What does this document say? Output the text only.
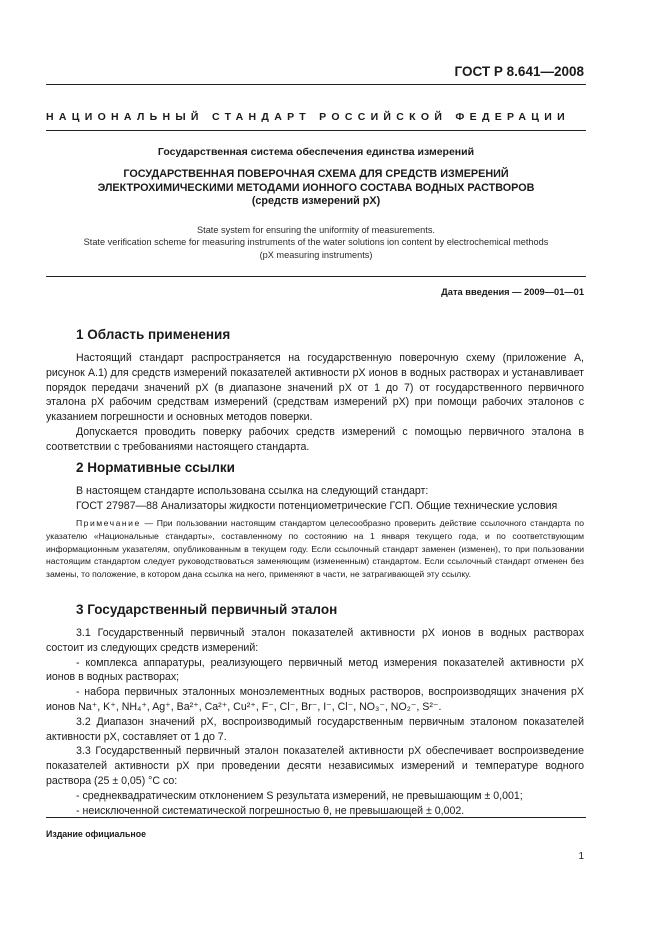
ГОСТ Р 8.641—2008
НАЦИОНАЛЬНЫЙ СТАНДАРТ РОССИЙСКОЙ ФЕДЕРАЦИИ
Государственная система обеспечения единства измерений
ГОСУДАРСТВЕННАЯ ПОВЕРОЧНАЯ СХЕМА ДЛЯ СРЕДСТВ ИЗМЕРЕНИЙ
ЭЛЕКТРОХИМИЧЕСКИМИ МЕТОДАМИ ИОННОГО СОСТАВА ВОДНЫХ РАСТВОРОВ
(средств измерений pX)
State system for ensuring the uniformity of measurements.
State verification scheme for measuring instruments of the water solutions ion content by electrochemical methods
(pX measuring instruments)
Дата введения — 2009—01—01
1 Область применения

Настоящий стандарт распространяется на государственную поверочную схему (приложение А, рисунок А.1) для средств измерений показателей активности pX ионов в водных растворах и устанавливает порядок передачи значений pX (в диапазоне значений pX от 1 до 7) от государственного первичного эталона pX рабочим средствам измерений (средствам измерений pX) при помощи рабочих эталонов с указанием погрешности и основных методов поверки.

Допускается проводить поверку рабочих средств измерений с помощью первичного эталона в соответствии с требованиями настоящего стандарта.

2 Нормативные ссылки

В настоящем стандарте использована ссылка на следующий стандарт:

ГОСТ 27987—88 Анализаторы жидкости потенциометрические ГСП. Общие технические условия

Примечание — При пользовании настоящим стандартом целесообразно проверить действие ссылочного стандарта по указателю «Национальные стандарты», составленному по состоянию на 1 января текущего года, и по соответствующим информационным указателям, опубликованным в текущем году. Если ссылочный стандарт заменен (изменен), то при пользовании настоящим стандартом следует руководствоваться заменяющим (измененным) стандартом. Если ссылочный стандарт отменен без замены, то положение, в котором дана ссылка на него, применяют в части, не затрагивающей эту ссылку.

3 Государственный первичный эталон

3.1 Государственный первичный эталон показателей активности pX ионов в водных растворах состоит из следующих средств измерений:

- комплекса аппаратуры, реализующего первичный метод измерения показателей активности pX ионов в водных растворах;

- набора первичных эталонных моноэлементных водных растворов, воспроизводящих значения pX ионов Na⁺, K⁺, NH₄⁺, Ag⁺, Ba²⁺, Ca²⁺, Cu²⁺, F⁻, Cl⁻, Br⁻, I⁻, Cl⁻, NO₃⁻, NO₂⁻, S²⁻.

3.2 Диапазон значений pX, воспроизводимый государственным первичным эталоном показателей активности pX, составляет от 1 до 7.

3.3 Государственный первичный эталон показателей активности pX обеспечивает воспроизведение показателей активности pX при проведении десяти независимых измерений и температуре водного раствора (25 ± 0,05) °С со:

- среднеквадратическим отклонением S результата измерений, не превышающим ± 0,001;

- неисключенной систематической погрешностью θ, не превышающей ± 0,002.

Издание официальное
1
